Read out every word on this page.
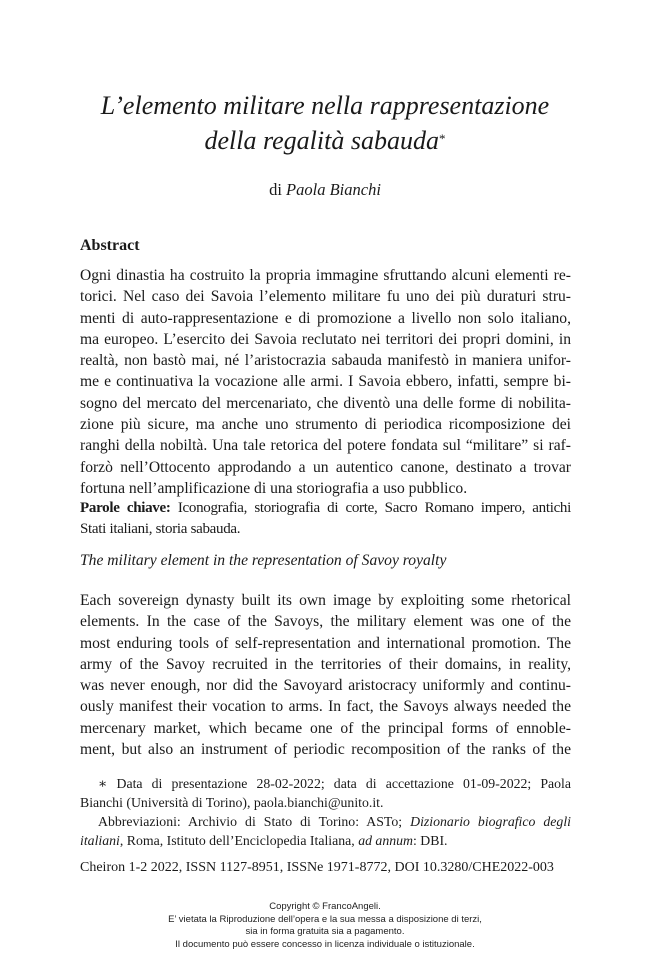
L’elemento militare nella rappresentazione
della regalità sabauda*
di Paola Bianchi
Abstract
Ogni dinastia ha costruito la propria immagine sfruttando alcuni elementi re-
torici. Nel caso dei Savoia l’elemento militare fu uno dei più duraturi stru-
menti di auto-rappresentazione e di promozione a livello non solo italiano,
ma europeo. L’esercito dei Savoia reclutato nei territori dei propri domini, in
realtà, non bastò mai, né l’aristocrazia sabauda manifestò in maniera unifor-
me e continuativa la vocazione alle armi. I Savoia ebbero, infatti, sempre bi-
sogno del mercato del mercenariato, che diventò una delle forme di nobilita-
zione più sicure, ma anche uno strumento di periodica ricomposizione dei
ranghi della nobiltà. Una tale retorica del potere fondata sul “militare” si raf-
forzò nell’Ottocento approdando a un autentico canone, destinato a trovar
fortuna nell’amplificazione di una storiografia a uso pubblico.
Parole chiave: Iconografia, storiografia di corte, Sacro Romano impero, antichi
Stati italiani, storia sabauda.
The military element in the representation of Savoy royalty
Each sovereign dynasty built its own image by exploiting some rhetorical
elements. In the case of the Savoys, the military element was one of the
most enduring tools of self-representation and international promotion. The
army of the Savoy recruited in the territories of their domains, in reality,
was never enough, nor did the Savoyard aristocracy uniformly and continu-
ously manifest their vocation to arms. In fact, the Savoys always needed the
mercenary market, which became one of the principal forms of ennoble-
ment, but also an instrument of periodic recomposition of the ranks of the
∗ Data di presentazione 28-02-2022; data di accettazione 01-09-2022; Paola
Bianchi (Università di Torino), paola.bianchi@unito.it.
Abbreviazioni: Archivio di Stato di Torino: ASTo; Dizionario biografico degli
italiani, Roma, Istituto dell’Enciclopedia Italiana, ad annum: DBI.
Cheiron 1-2 2022, ISSN 1127-8951, ISSNe 1971-8772, DOI 10.3280/CHE2022-003
Copyright © FrancoAngeli.
E’ vietata la Riproduzione dell’opera e la sua messa a disposizione di terzi,
sia in forma gratuita sia a pagamento.
Il documento può essere concesso in licenza individuale o istituzionale.
